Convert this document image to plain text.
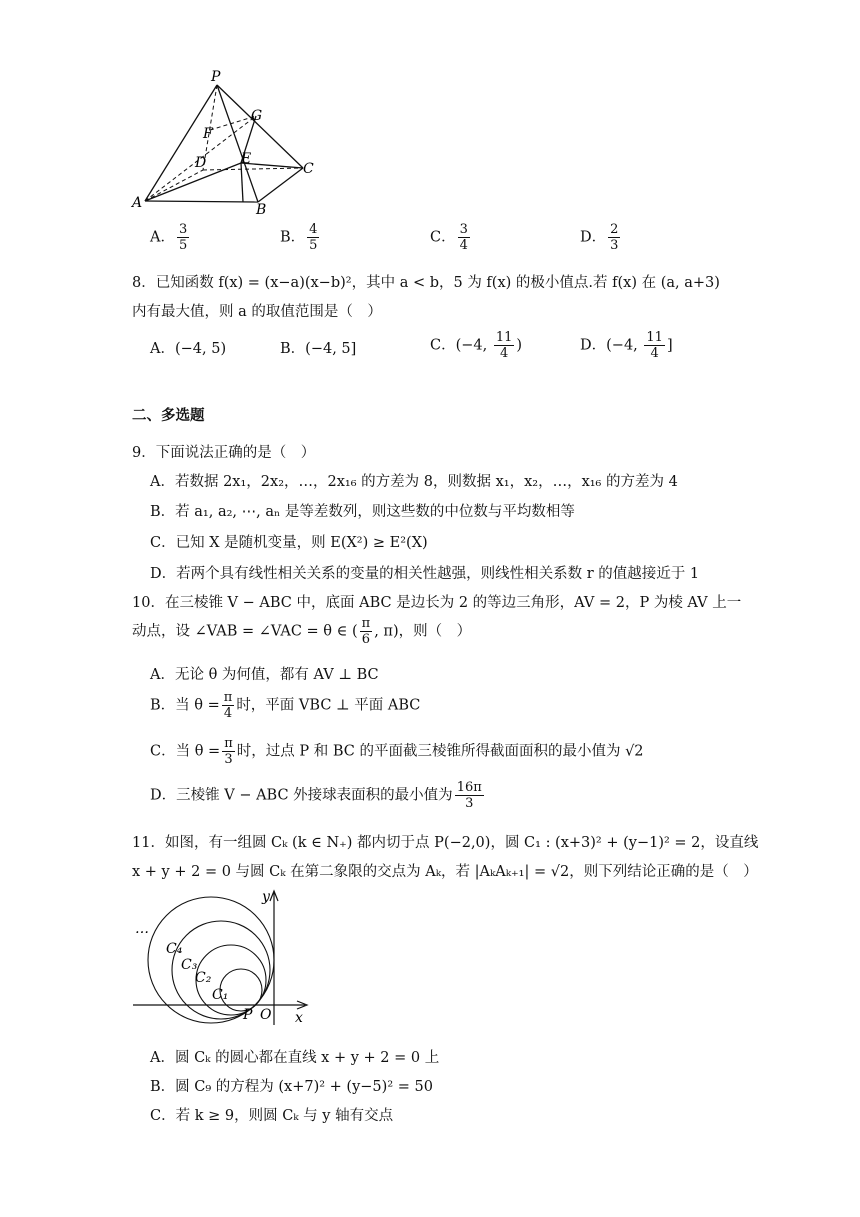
P
G
F
D E
C
A	B
A． $\frac{3}{5}$	B． $\frac{4}{5}$	C． $\frac{3}{4}$	D． $\frac{2}{3}$
8．已知函数 f(x) = (x−a)(x−b)²，其中 a < b，5 为 f(x) 的极小值点.若 f(x) 在 (a, a+3)
内有最大值，则 a 的取值范围是（　）
A．(−4, 5)	B．(−4, 5]	C．(−4, $\frac{11}{4}$ )	D．(−4, $\frac{11}{4}$ ]
二、多选题
9．下面说法正确的是（　）
A．若数据 2x₁，2x₂，…，2x₁₆ 的方差为 8，则数据 x₁，x₂，…，x₁₆ 的方差为 4
B．若 a₁, a₂, ⋯, aₙ 是等差数列，则这些数的中位数与平均数相等
C．已知 X 是随机变量，则 E(X²) ≥ E²(X)
D．若两个具有线性相关关系的变量的相关性越强，则线性相关系数 r 的值越接近于 1
10．在三棱锥 V − ABC 中，底面 ABC 是边长为 2 的等边三角形，AV = 2，P 为棱 AV 上一
动点，设 ∠VAB = ∠VAC = θ ∈ ( $\frac{\pi}{6}$ , π)，则（　）
A．无论 θ 为何值，都有 AV ⊥ BC
B．当 $\theta = \frac{\pi}{4}$ 时，平面 VBC ⊥ 平面 ABC
C．当 $\theta = \frac{\pi}{3}$ 时，过点 P 和 BC 的平面截三棱锥所得截面面积的最小值为 √2
D．三棱锥 V − ABC 外接球表面积的最小值为 $\frac{16\pi}{3}$
11．如图，有一组圆 Cₖ (k ∈ N₊) 都内切于点 P(−2,0)，圆 C₁ : (x+3)² + (y−1)² = 2，设直线
x + y + 2 = 0 与圆 Cₖ 在第二象限的交点为 Aₖ，若 |AₖAₖ₊₁| = √2，则下列结论正确的是（　）
…
C₄
C₃
C₂
C₁
P O x
y
A．圆 Cₖ 的圆心都在直线 x + y + 2 = 0 上
B．圆 C₉ 的方程为 (x+7)² + (y−5)² = 50
C．若 k ≥ 9，则圆 Cₖ 与 y 轴有交点
